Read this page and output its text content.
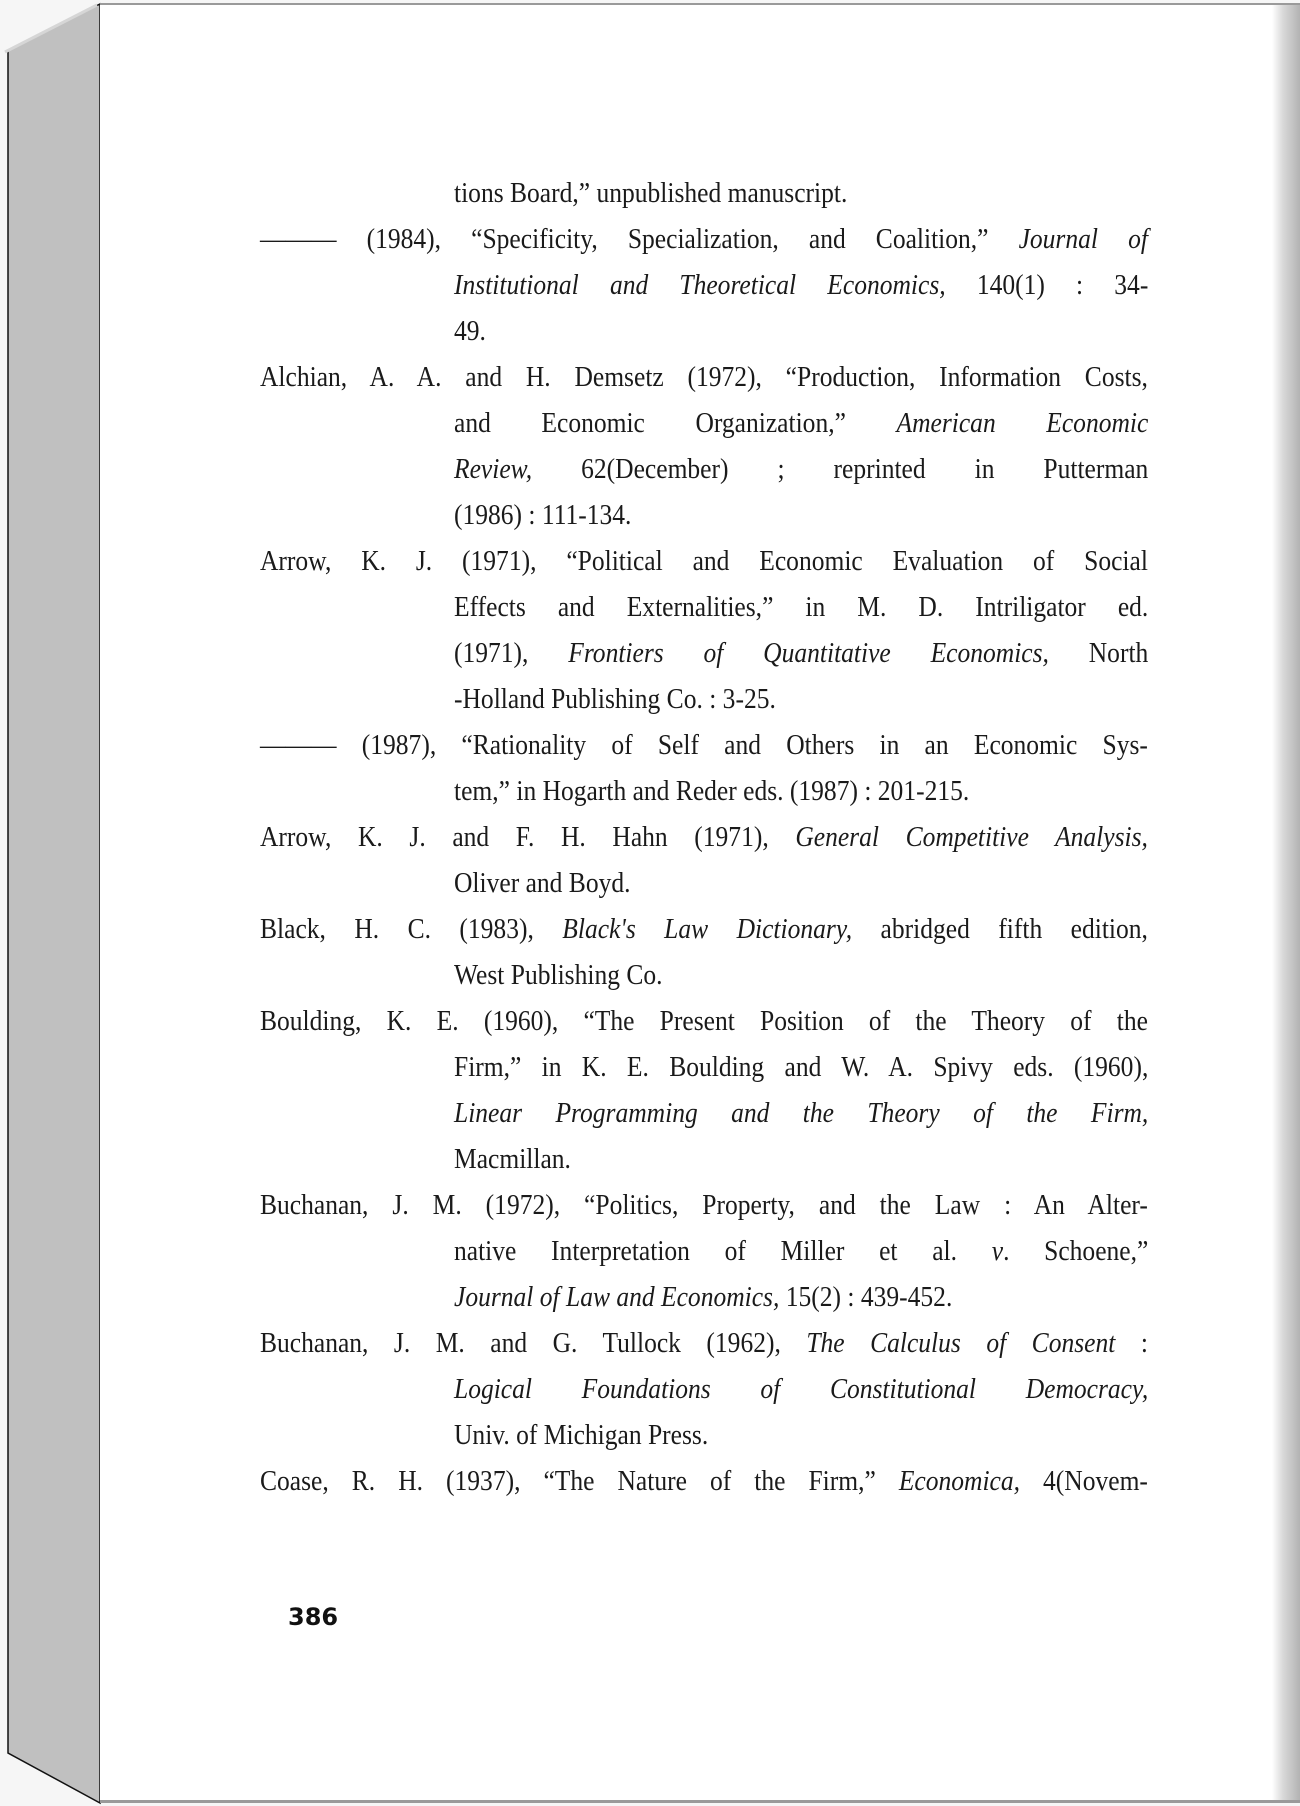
tions Board,” unpublished manuscript.
——— (1984), “Specificity, Specialization, and Coalition,” Journal of
Institutional and Theoretical Economics, 140(1) : 34-
49.
Alchian, A. A. and H. Demsetz (1972), “Production, Information Costs,
and Economic Organization,” American Economic
Review, 62(December) ; reprinted in Putterman
(1986) : 111-134.
Arrow, K. J. (1971), “Political and Economic Evaluation of Social
Effects and Externalities,” in M. D. Intriligator ed.
(1971), Frontiers of Quantitative Economics, North
-Holland Publishing Co. : 3-25.
——— (1987), “Rationality of Self and Others in an Economic Sys-
tem,” in Hogarth and Reder eds. (1987) : 201-215.
Arrow, K. J. and F. H. Hahn (1971), General Competitive Analysis,
Oliver and Boyd.
Black, H. C. (1983), Black's Law Dictionary, abridged fifth edition,
West Publishing Co.
Boulding, K. E. (1960), “The Present Position of the Theory of the
Firm,” in K. E. Boulding and W. A. Spivy eds. (1960),
Linear Programming and the Theory of the Firm,
Macmillan.
Buchanan, J. M. (1972), “Politics, Property, and the Law : An Alter-
native Interpretation of Miller et al. v. Schoene,”
Journal of Law and Economics, 15(2) : 439-452.
Buchanan, J. M. and G. Tullock (1962), The Calculus of Consent :
Logical Foundations of Constitutional Democracy,
Univ. of Michigan Press.
Coase, R. H. (1937), “The Nature of the Firm,” Economica, 4(Novem-
386
